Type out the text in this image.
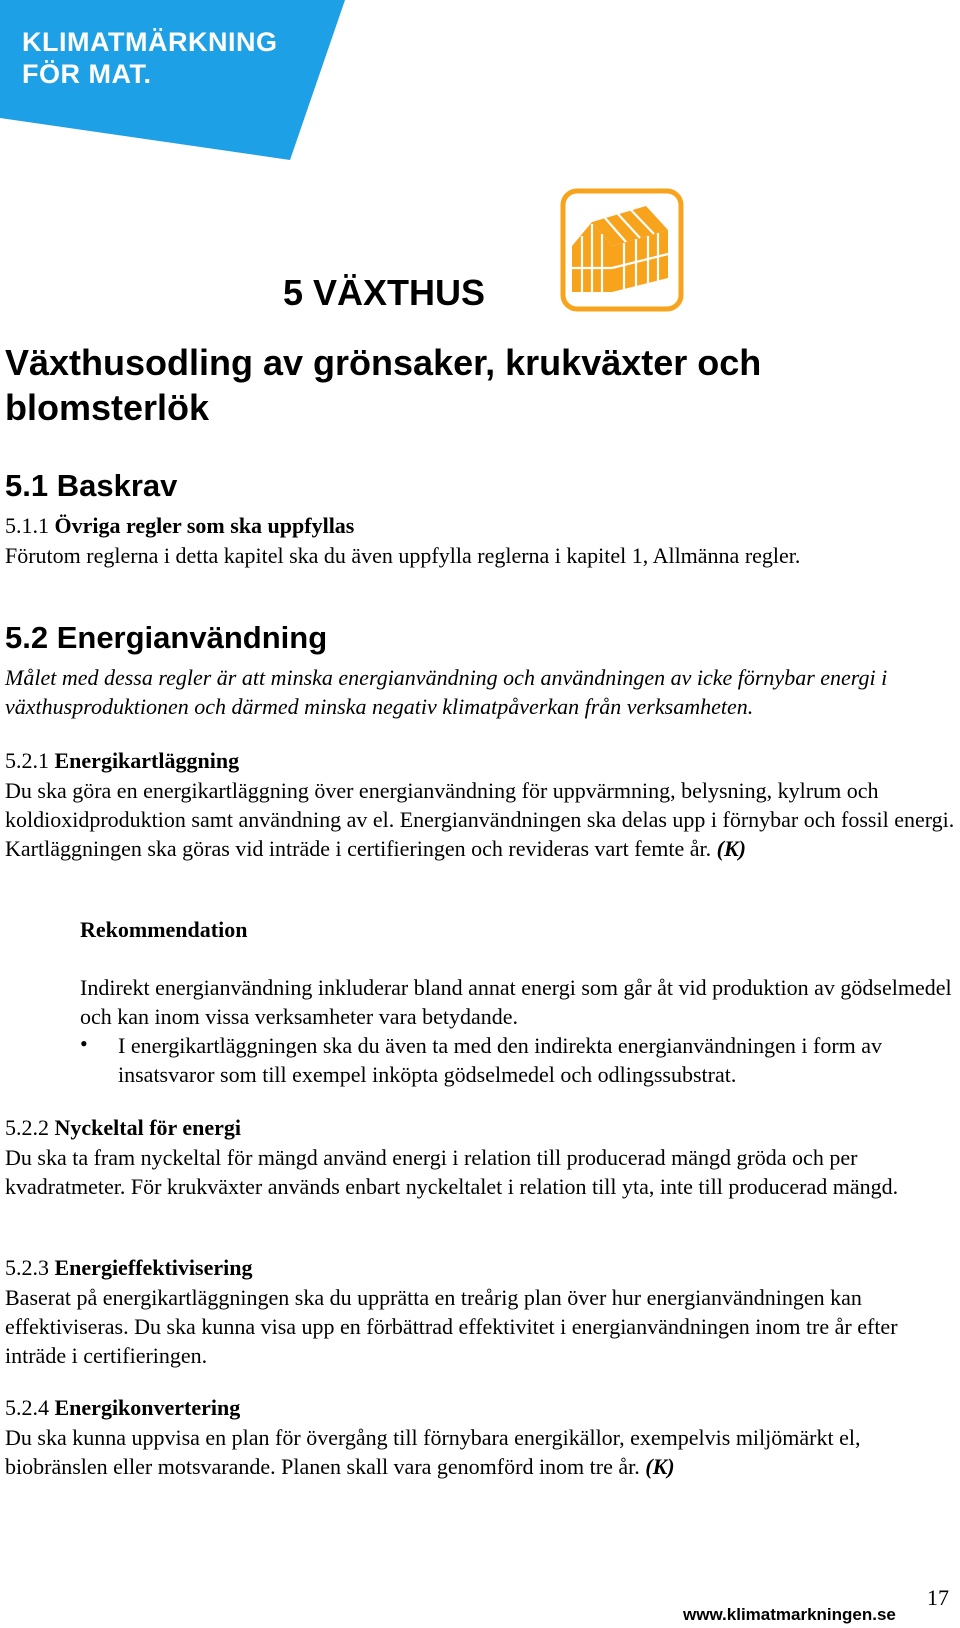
KLIMATMÄRKNING
FÖR MAT.
5 VÄXTHUS
Växthusodling av grönsaker, krukväxter och blomsterlök
5.1 Baskrav
5.1.1 Övriga regler som ska uppfyllas
Förutom reglerna i detta kapitel ska du även uppfylla reglerna i kapitel 1, Allmänna regler.
5.2 Energianvändning
Målet med dessa regler är att minska energianvändning och användningen av icke förnybar energi i växthusproduktionen och därmed minska negativ klimatpåverkan från verksamheten.
5.2.1 Energikartläggning
Du ska göra en energikartläggning över energianvändning för uppvärmning, belysning, kylrum och koldioxidproduktion samt användning av el. Energianvändningen ska delas upp i förnybar och fossil energi. Kartläggningen ska göras vid inträde i certifieringen och revideras vart femte år. (K)
Rekommendation
Indirekt energianvändning inkluderar bland annat energi som går åt vid produktion av gödselmedel och kan inom vissa verksamheter vara betydande.
• I energikartläggningen ska du även ta med den indirekta energianvändningen i form av insatsvaror som till exempel inköpta gödselmedel och odlingssubstrat.
5.2.2 Nyckeltal för energi
Du ska ta fram nyckeltal för mängd använd energi i relation till producerad mängd gröda och per kvadratmeter. För krukväxter används enbart nyckeltalet i relation till yta, inte till producerad mängd.
5.2.3 Energieffektivisering
Baserat på energikartläggningen ska du upprätta en treårig plan över hur energianvändningen kan effektiviseras. Du ska kunna visa upp en förbättrad effektivitet i energianvändningen inom tre år efter inträde i certifieringen.
5.2.4 Energikonvertering
Du ska kunna uppvisa en plan för övergång till förnybara energikällor, exempelvis miljömärkt el, biobränslen eller motsvarande. Planen skall vara genomförd inom tre år. (K)
17
www.klimatmarkningen.se
